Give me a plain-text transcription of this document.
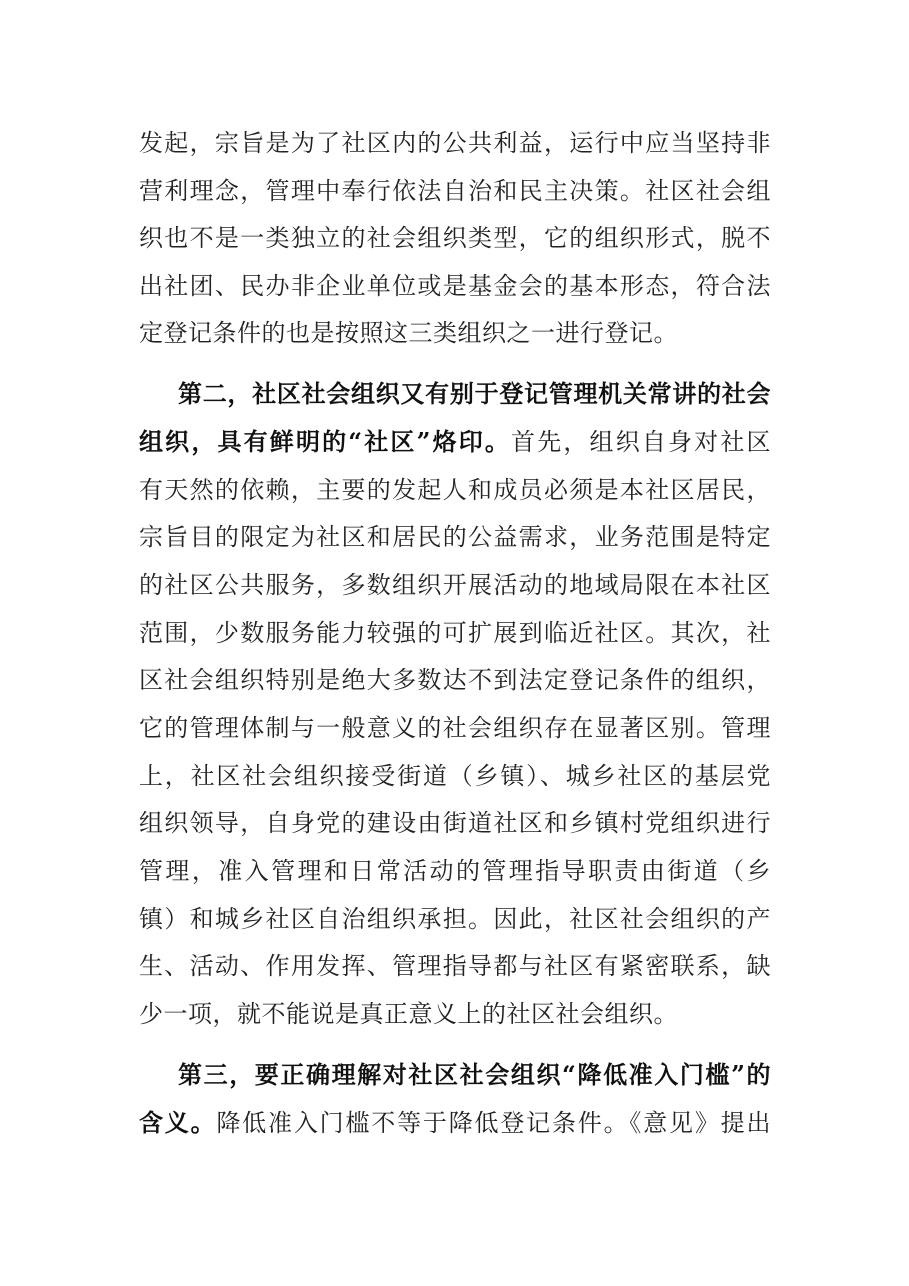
发起，宗旨是为了社区内的公共利益，运行中应当坚持非
营利理念，管理中奉行依法自治和民主决策。社区社会组
织也不是一类独立的社会组织类型，它的组织形式，脱不
出社团、民办非企业单位或是基金会的基本形态，符合法
定登记条件的也是按照这三类组织之一进行登记。
第二，社区社会组织又有别于登记管理机关常讲的社会
组织，具有鲜明的“社区”烙印。首先，组织自身对社区
有天然的依赖，主要的发起人和成员必须是本社区居民，
宗旨目的限定为社区和居民的公益需求，业务范围是特定
的社区公共服务，多数组织开展活动的地域局限在本社区
范围，少数服务能力较强的可扩展到临近社区。其次，社
区社会组织特别是绝大多数达不到法定登记条件的组织，
它的管理体制与一般意义的社会组织存在显著区别。管理
上，社区社会组织接受街道（乡镇）、城乡社区的基层党
组织领导，自身党的建设由街道社区和乡镇村党组织进行
管理，准入管理和日常活动的管理指导职责由街道（乡
镇）和城乡社区自治组织承担。因此，社区社会组织的产
生、活动、作用发挥、管理指导都与社区有紧密联系，缺
少一项，就不能说是真正意义上的社区社会组织。
第三，要正确理解对社区社会组织“降低准入门槛”的
含义。降低准入门槛不等于降低登记条件。《意见》提出
